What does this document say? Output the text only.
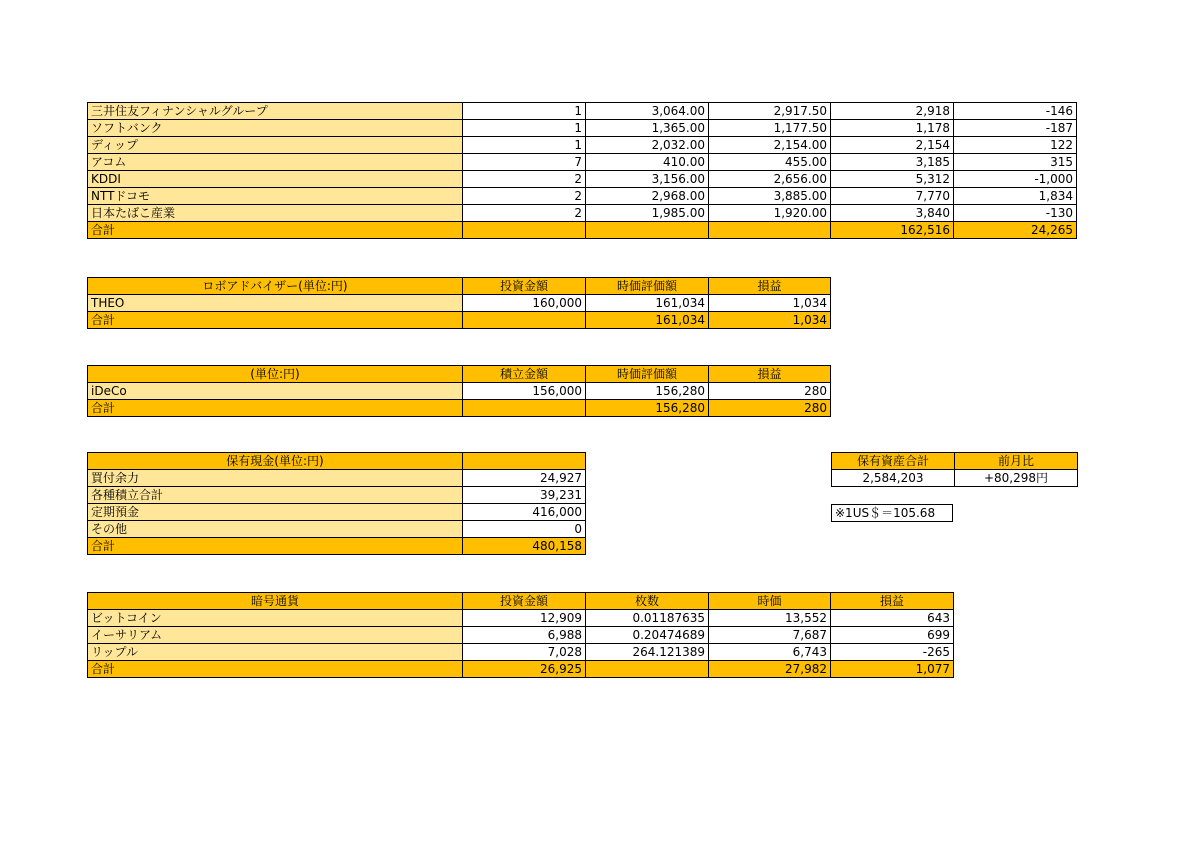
三井住友フィナンシャルグループ	1	3,064.00	2,917.50	2,918	-146
ソフトバンク	1	1,365.00	1,177.50	1,178	-187
ディップ	1	2,032.00	2,154.00	2,154	122
アコム	7	410.00	455.00	3,185	315
KDDI	2	3,156.00	2,656.00	5,312	-1,000
NTTドコモ	2	2,968.00	3,885.00	7,770	1,834
日本たばこ産業	2	1,985.00	1,920.00	3,840	-130
合計				162,516	24,265
ロボアドバイザー(単位:円)	投資金額	時価評価額	損益
THEO	160,000	161,034	1,034
合計		161,034	1,034
(単位:円)	積立金額	時価評価額	損益
iDeCo	156,000	156,280	280
合計		156,280	280
保有現金(単位:円)	
買付余力	24,927
各種積立合計	39,231
定期預金	416,000
その他	0
合計	480,158
保有資産合計	前月比
2,584,203	+80,298円
※1US＄＝105.68
暗号通貨	投資金額	枚数	時価	損益
ビットコイン	12,909	0.01187635	13,552	643
イーサリアム	6,988	0.20474689	7,687	699
リップル	7,028	264.121389	6,743	-265
合計	26,925		27,982	1,077
